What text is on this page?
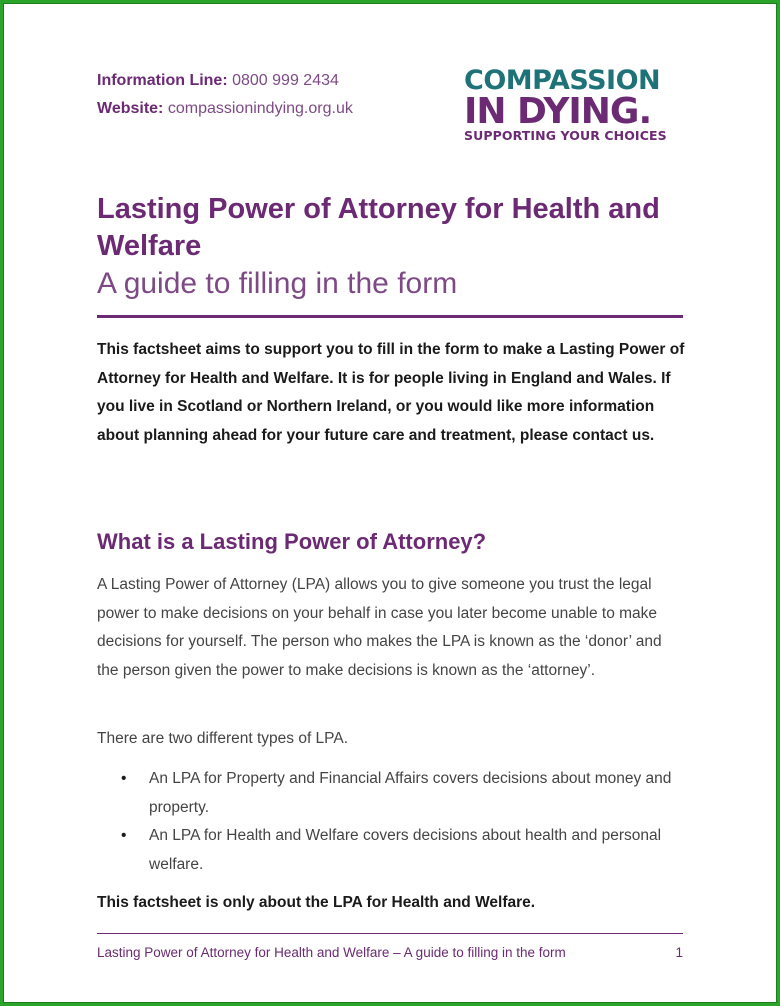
Information Line: 0800 999 2434
Website: compassionindying.org.uk
COMPASSION
IN DYING.
SUPPORTING YOUR CHOICES
Lasting Power of Attorney for Health and Welfare
A guide to filling in the form

This factsheet aims to support you to fill in the form to make a Lasting Power of Attorney for Health and Welfare. It is for people living in England and Wales. If you live in Scotland or Northern Ireland, or you would like more information about planning ahead for your future care and treatment, please contact us.

What is a Lasting Power of Attorney?

A Lasting Power of Attorney (LPA) allows you to give someone you trust the legal power to make decisions on your behalf in case you later become unable to make decisions for yourself. The person who makes the LPA is known as the ‘donor’ and the person given the power to make decisions is known as the ‘attorney’.

There are two different types of LPA.

• An LPA for Property and Financial Affairs covers decisions about money and property.
• An LPA for Health and Welfare covers decisions about health and personal welfare.

This factsheet is only about the LPA for Health and Welfare.

Lasting Power of Attorney for Health and Welfare – A guide to filling in the form	1
